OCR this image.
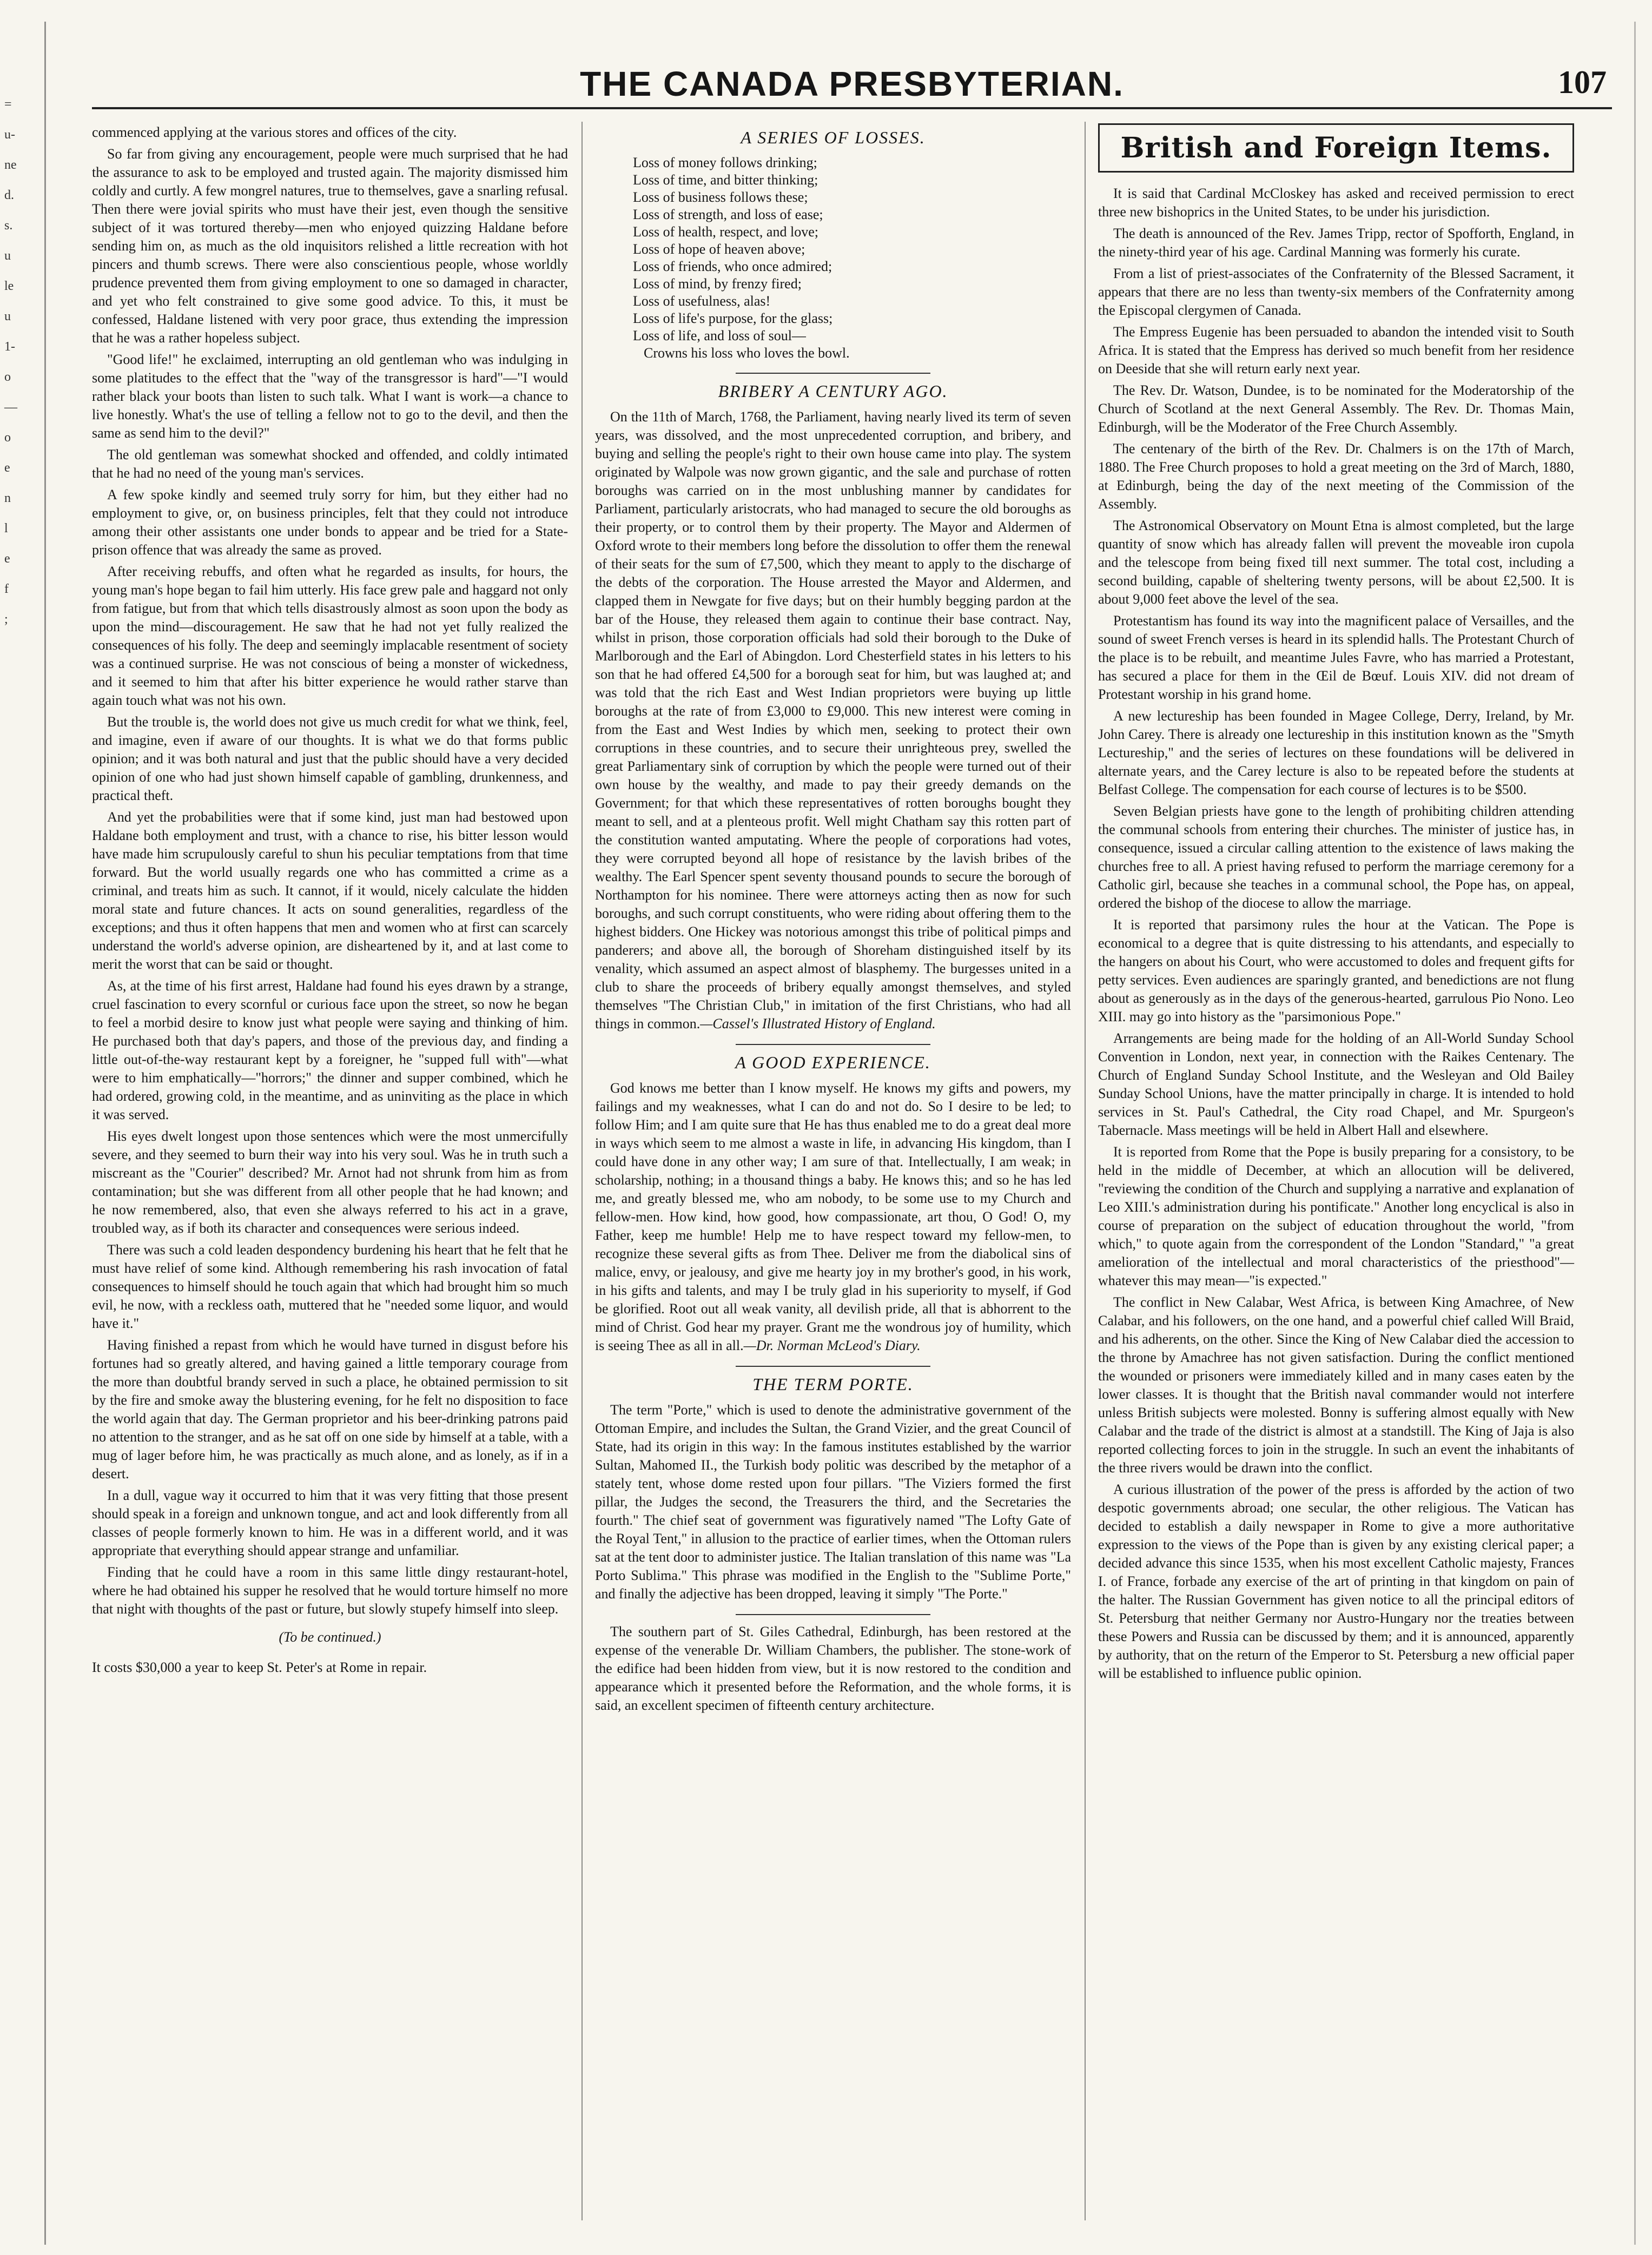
=
u-
ne
d.
s.
u
le
u
1-
o
—
o
e
n
l
e
f
;
THE CANADA PRESBYTERIAN.	107

commenced applying at the various stores and offices of the city.

So far from giving any encouragement, people were much surprised that he had the assurance to ask to be employed and trusted again. The majority dismissed him coldly and curtly. A few mongrel natures, true to themselves, gave a snarling refusal. Then there were jovial spirits who must have their jest, even though the sensitive subject of it was tortured thereby—men who enjoyed quizzing Haldane before sending him on, as much as the old inquisitors relished a little recreation with hot pincers and thumb screws. There were also conscientious people, whose worldly prudence prevented them from giving employment to one so damaged in character, and yet who felt constrained to give some good advice. To this, it must be confessed, Haldane listened with very poor grace, thus extending the impression that he was a rather hopeless subject.

"Good life!" he exclaimed, interrupting an old gentleman who was indulging in some platitudes to the effect that the "way of the transgressor is hard"—"I would rather black your boots than listen to such talk. What I want is work—a chance to live honestly. What's the use of telling a fellow not to go to the devil, and then the same as send him to the devil?"

The old gentleman was somewhat shocked and offended, and coldly intimated that he had no need of the young man's services.

A few spoke kindly and seemed truly sorry for him, but they either had no employment to give, or, on business principles, felt that they could not introduce among their other assistants one under bonds to appear and be tried for a State-prison offence that was already the same as proved.

After receiving rebuffs, and often what he regarded as insults, for hours, the young man's hope began to fail him utterly. His face grew pale and haggard not only from fatigue, but from that which tells disastrously almost as soon upon the body as upon the mind—discouragement. He saw that he had not yet fully realized the consequences of his folly. The deep and seemingly implacable resentment of society was a continued surprise. He was not conscious of being a monster of wickedness, and it seemed to him that after his bitter experience he would rather starve than again touch what was not his own.

But the trouble is, the world does not give us much credit for what we think, feel, and imagine, even if aware of our thoughts. It is what we do that forms public opinion; and it was both natural and just that the public should have a very decided opinion of one who had just shown himself capable of gambling, drunkenness, and practical theft.

And yet the probabilities were that if some kind, just man had bestowed upon Haldane both employment and trust, with a chance to rise, his bitter lesson would have made him scrupulously careful to shun his peculiar temptations from that time forward. But the world usually regards one who has committed a crime as a criminal, and treats him as such. It cannot, if it would, nicely calculate the hidden moral state and future chances. It acts on sound generalities, regardless of the exceptions; and thus it often happens that men and women who at first can scarcely understand the world's adverse opinion, are disheartened by it, and at last come to merit the worst that can be said or thought.

As, at the time of his first arrest, Haldane had found his eyes drawn by a strange, cruel fascination to every scornful or curious face upon the street, so now he began to feel a morbid desire to know just what people were saying and thinking of him. He purchased both that day's papers, and those of the previous day, and finding a little out-of-the-way restaurant kept by a foreigner, he "supped full with"—what were to him emphatically—"horrors;" the dinner and supper combined, which he had ordered, growing cold, in the meantime, and as uninviting as the place in which it was served.

His eyes dwelt longest upon those sentences which were the most unmercifully severe, and they seemed to burn their way into his very soul. Was he in truth such a miscreant as the "Courier" described? Mr. Arnot had not shrunk from him as from contamination; but she was different from all other people that he had known; and he now remembered, also, that even she always referred to his act in a grave, troubled way, as if both its character and consequences were serious indeed.

There was such a cold leaden despondency burdening his heart that he felt that he must have relief of some kind. Although remembering his rash invocation of fatal consequences to himself should he touch again that which had brought him so much evil, he now, with a reckless oath, muttered that he "needed some liquor, and would have it."

Having finished a repast from which he would have turned in disgust before his fortunes had so greatly altered, and having gained a little temporary courage from the more than doubtful brandy served in such a place, he obtained permission to sit by the fire and smoke away the blustering evening, for he felt no disposition to face the world again that day. The German proprietor and his beer-drinking patrons paid no attention to the stranger, and as he sat off on one side by himself at a table, with a mug of lager before him, he was practically as much alone, and as lonely, as if in a desert.

In a dull, vague way it occurred to him that it was very fitting that those present should speak in a foreign and unknown tongue, and act and look differently from all classes of people formerly known to him. He was in a different world, and it was appropriate that everything should appear strange and unfamiliar.

Finding that he could have a room in this same little dingy restaurant-hotel, where he had obtained his supper he resolved that he would torture himself no more that night with thoughts of the past or future, but slowly stupefy himself into sleep.

(To be continued.)

It costs $30,000 a year to keep St. Peter's at Rome in repair.

A SERIES OF LOSSES.
Loss of money follows drinking;
Loss of time, and bitter thinking;
Loss of business follows these;
Loss of strength, and loss of ease;
Loss of health, respect, and love;
Loss of hope of heaven above;
Loss of friends, who once admired;
Loss of mind, by frenzy fired;
Loss of usefulness, alas!
Loss of life's purpose, for the glass;
Loss of life, and loss of soul—
Crowns his loss who loves the bowl.
BRIBERY A CENTURY AGO.

On the 11th of March, 1768, the Parliament, having nearly lived its term of seven years, was dissolved, and the most unprecedented corruption, and bribery, and buying and selling the people's right to their own house came into play. The system originated by Walpole was now grown gigantic, and the sale and purchase of rotten boroughs was carried on in the most unblushing manner by candidates for Parliament, particularly aristocrats, who had managed to secure the old boroughs as their property, or to control them by their property. The Mayor and Aldermen of Oxford wrote to their members long before the dissolution to offer them the renewal of their seats for the sum of £7,500, which they meant to apply to the discharge of the debts of the corporation. The House arrested the Mayor and Aldermen, and clapped them in Newgate for five days; but on their humbly begging pardon at the bar of the House, they released them again to continue their base contract. Nay, whilst in prison, those corporation officials had sold their borough to the Duke of Marlborough and the Earl of Abingdon. Lord Chesterfield states in his letters to his son that he had offered £4,500 for a borough seat for him, but was laughed at; and was told that the rich East and West Indian proprietors were buying up little boroughs at the rate of from £3,000 to £9,000. This new interest were coming in from the East and West Indies by which men, seeking to protect their own corruptions in these countries, and to secure their unrighteous prey, swelled the great Parliamentary sink of corruption by which the people were turned out of their own house by the wealthy, and made to pay their greedy demands on the Government; for that which these representatives of rotten boroughs bought they meant to sell, and at a plenteous profit. Well might Chatham say this rotten part of the constitution wanted amputating. Where the people of corporations had votes, they were corrupted beyond all hope of resistance by the lavish bribes of the wealthy. The Earl Spencer spent seventy thousand pounds to secure the borough of Northampton for his nominee. There were attorneys acting then as now for such boroughs, and such corrupt constituents, who were riding about offering them to the highest bidders. One Hickey was notorious amongst this tribe of political pimps and panderers; and above all, the borough of Shoreham distinguished itself by its venality, which assumed an aspect almost of blasphemy. The burgesses united in a club to share the proceeds of bribery equally amongst themselves, and styled themselves "The Christian Club," in imitation of the first Christians, who had all things in common.—Cassel's Illustrated History of England.

A GOOD EXPERIENCE.

God knows me better than I know myself. He knows my gifts and powers, my failings and my weaknesses, what I can do and not do. So I desire to be led; to follow Him; and I am quite sure that He has thus enabled me to do a great deal more in ways which seem to me almost a waste in life, in advancing His kingdom, than I could have done in any other way; I am sure of that. Intellectually, I am weak; in scholarship, nothing; in a thousand things a baby. He knows this; and so he has led me, and greatly blessed me, who am nobody, to be some use to my Church and fellow-men. How kind, how good, how compassionate, art thou, O God! O, my Father, keep me humble! Help me to have respect toward my fellow-men, to recognize these several gifts as from Thee. Deliver me from the diabolical sins of malice, envy, or jealousy, and give me hearty joy in my brother's good, in his work, in his gifts and talents, and may I be truly glad in his superiority to myself, if God be glorified. Root out all weak vanity, all devilish pride, all that is abhorrent to the mind of Christ. God hear my prayer. Grant me the wondrous joy of humility, which is seeing Thee as all in all.—Dr. Norman McLeod's Diary.

THE TERM PORTE.

The term "Porte," which is used to denote the administrative government of the Ottoman Empire, and includes the Sultan, the Grand Vizier, and the great Council of State, had its origin in this way: In the famous institutes established by the warrior Sultan, Mahomed II., the Turkish body politic was described by the metaphor of a stately tent, whose dome rested upon four pillars. "The Viziers formed the first pillar, the Judges the second, the Treasurers the third, and the Secretaries the fourth." The chief seat of government was figuratively named "The Lofty Gate of the Royal Tent," in allusion to the practice of earlier times, when the Ottoman rulers sat at the tent door to administer justice. The Italian translation of this name was "La Porto Sublima." This phrase was modified in the English to the "Sublime Porte," and finally the adjective has been dropped, leaving it simply "The Porte."

The southern part of St. Giles Cathedral, Edinburgh, has been restored at the expense of the venerable Dr. William Chambers, the publisher. The stone-work of the edifice had been hidden from view, but it is now restored to the condition and appearance which it presented before the Reformation, and the whole forms, it is said, an excellent specimen of fifteenth century architecture.

British and Foreign Items.

It is said that Cardinal McCloskey has asked and received permission to erect three new bishoprics in the United States, to be under his jurisdiction.

The death is announced of the Rev. James Tripp, rector of Spofforth, England, in the ninety-third year of his age. Cardinal Manning was formerly his curate.

From a list of priest-associates of the Confraternity of the Blessed Sacrament, it appears that there are no less than twenty-six members of the Confraternity among the Episcopal clergymen of Canada.

The Empress Eugenie has been persuaded to abandon the intended visit to South Africa. It is stated that the Empress has derived so much benefit from her residence on Deeside that she will return early next year.

The Rev. Dr. Watson, Dundee, is to be nominated for the Moderatorship of the Church of Scotland at the next General Assembly. The Rev. Dr. Thomas Main, Edinburgh, will be the Moderator of the Free Church Assembly.

The centenary of the birth of the Rev. Dr. Chalmers is on the 17th of March, 1880. The Free Church proposes to hold a great meeting on the 3rd of March, 1880, at Edinburgh, being the day of the next meeting of the Commission of the Assembly.

The Astronomical Observatory on Mount Etna is almost completed, but the large quantity of snow which has already fallen will prevent the moveable iron cupola and the telescope from being fixed till next summer. The total cost, including a second building, capable of sheltering twenty persons, will be about £2,500. It is about 9,000 feet above the level of the sea.

Protestantism has found its way into the magnificent palace of Versailles, and the sound of sweet French verses is heard in its splendid halls. The Protestant Church of the place is to be rebuilt, and meantime Jules Favre, who has married a Protestant, has secured a place for them in the Œil de Bœuf. Louis XIV. did not dream of Protestant worship in his grand home.

A new lectureship has been founded in Magee College, Derry, Ireland, by Mr. John Carey. There is already one lectureship in this institution known as the "Smyth Lectureship," and the series of lectures on these foundations will be delivered in alternate years, and the Carey lecture is also to be repeated before the students at Belfast College. The compensation for each course of lectures is to be $500.

Seven Belgian priests have gone to the length of prohibiting children attending the communal schools from entering their churches. The minister of justice has, in consequence, issued a circular calling attention to the existence of laws making the churches free to all. A priest having refused to perform the marriage ceremony for a Catholic girl, because she teaches in a communal school, the Pope has, on appeal, ordered the bishop of the diocese to allow the marriage.

It is reported that parsimony rules the hour at the Vatican. The Pope is economical to a degree that is quite distressing to his attendants, and especially to the hangers on about his Court, who were accustomed to doles and frequent gifts for petty services. Even audiences are sparingly granted, and benedictions are not flung about as generously as in the days of the generous-hearted, garrulous Pio Nono. Leo XIII. may go into history as the "parsimonious Pope."

Arrangements are being made for the holding of an All-World Sunday School Convention in London, next year, in connection with the Raikes Centenary. The Church of England Sunday School Institute, and the Wesleyan and Old Bailey Sunday School Unions, have the matter principally in charge. It is intended to hold services in St. Paul's Cathedral, the City road Chapel, and Mr. Spurgeon's Tabernacle. Mass meetings will be held in Albert Hall and elsewhere.

It is reported from Rome that the Pope is busily preparing for a consistory, to be held in the middle of December, at which an allocution will be delivered, "reviewing the condition of the Church and supplying a narrative and explanation of Leo XIII.'s administration during his pontificate." Another long encyclical is also in course of preparation on the subject of education throughout the world, "from which," to quote again from the correspondent of the London "Standard," "a great amelioration of the intellectual and moral characteristics of the priesthood"—whatever this may mean—"is expected."

The conflict in New Calabar, West Africa, is between King Amachree, of New Calabar, and his followers, on the one hand, and a powerful chief called Will Braid, and his adherents, on the other. Since the King of New Calabar died the accession to the throne by Amachree has not given satisfaction. During the conflict mentioned the wounded or prisoners were immediately killed and in many cases eaten by the lower classes. It is thought that the British naval commander would not interfere unless British subjects were molested. Bonny is suffering almost equally with New Calabar and the trade of the district is almost at a standstill. The King of Jaja is also reported collecting forces to join in the struggle. In such an event the inhabitants of the three rivers would be drawn into the conflict.

A curious illustration of the power of the press is afforded by the action of two despotic governments abroad; one secular, the other religious. The Vatican has decided to establish a daily newspaper in Rome to give a more authoritative expression to the views of the Pope than is given by any existing clerical paper; a decided advance this since 1535, when his most excellent Catholic majesty, Frances I. of France, forbade any exercise of the art of printing in that kingdom on pain of the halter. The Russian Government has given notice to all the principal editors of St. Petersburg that neither Germany nor Austro-Hungary nor the treaties between these Powers and Russia can be discussed by them; and it is announced, apparently by authority, that on the return of the Emperor to St. Petersburg a new official paper will be established to influence public opinion.
